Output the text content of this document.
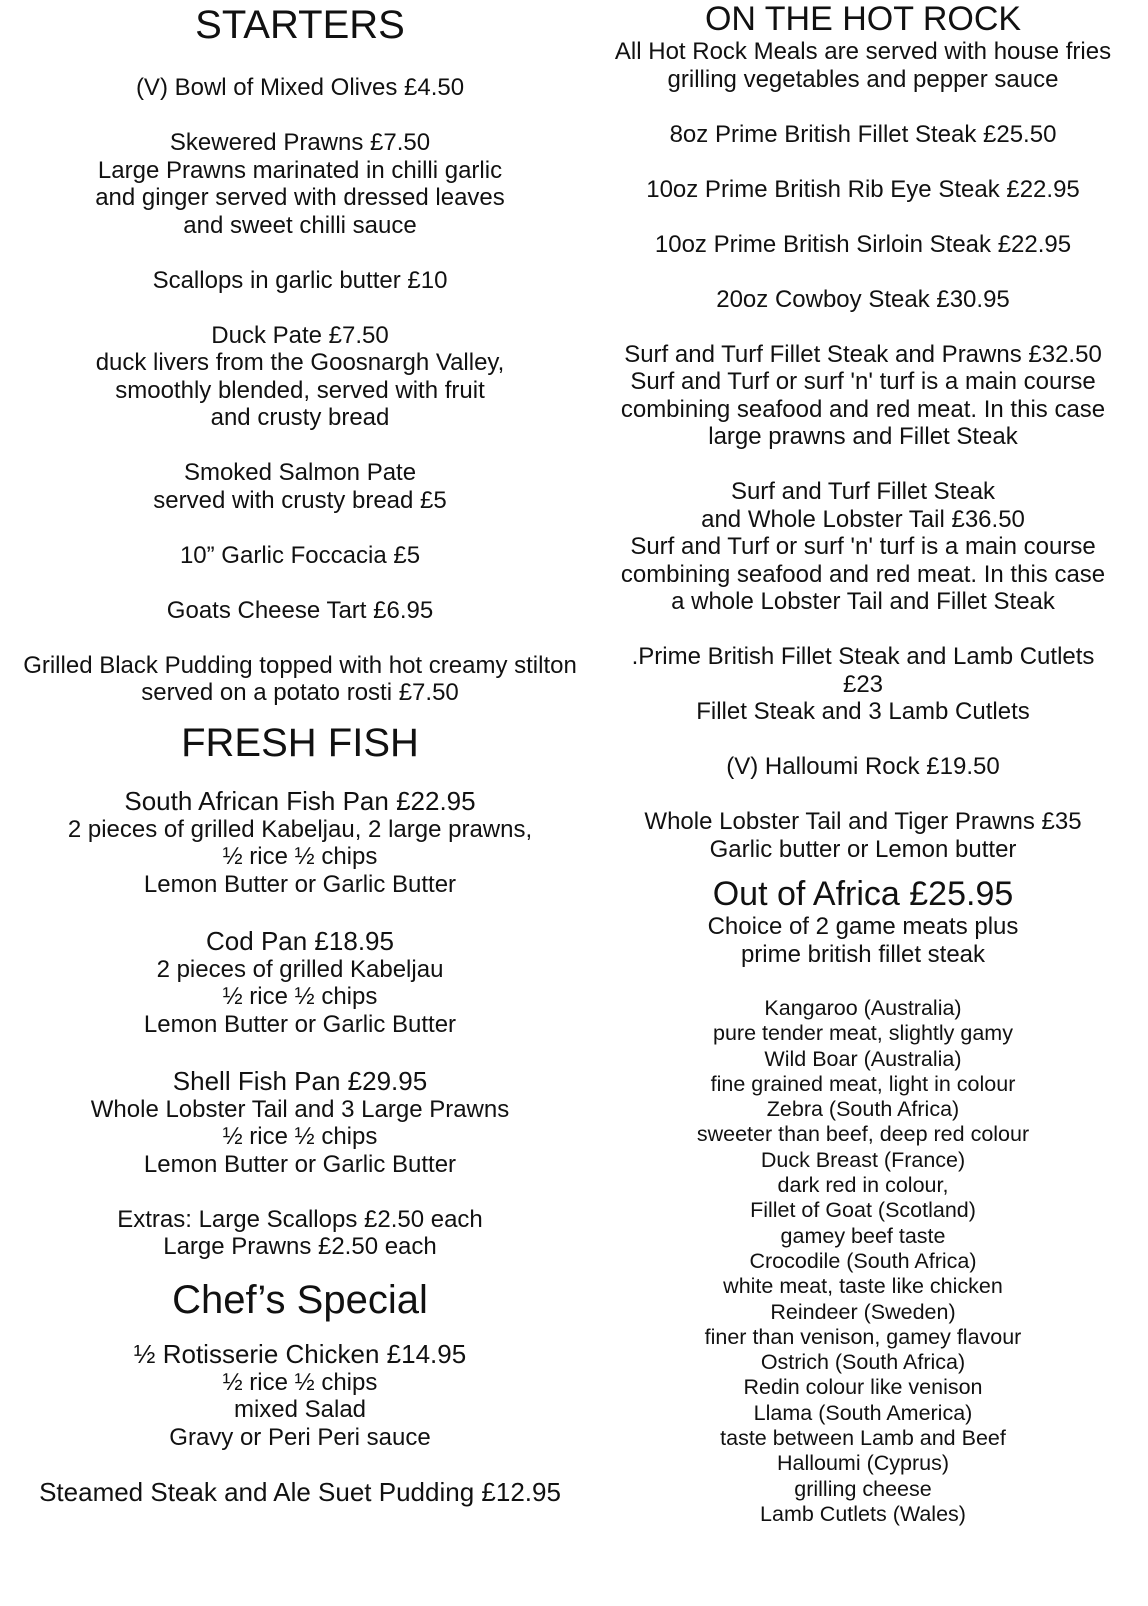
STARTERS
(V) Bowl of Mixed Olives £4.50
Skewered Prawns £7.50
Large Prawns marinated in chilli garlic
and ginger served with dressed leaves
and sweet chilli sauce
Scallops in garlic butter £10
Duck Pate £7.50
duck livers from the Goosnargh Valley,
smoothly blended, served with fruit
and crusty bread
Smoked Salmon Pate
served with crusty bread £5
10” Garlic Foccacia £5
Goats Cheese Tart £6.95
Grilled Black Pudding topped with hot creamy stilton
served on a potato rosti £7.50
FRESH FISH
South African Fish Pan £22.95
2 pieces of grilled Kabeljau, 2 large prawns,
½ rice ½ chips
Lemon Butter or Garlic Butter
Cod Pan £18.95
2 pieces of grilled Kabeljau
½ rice ½ chips
Lemon Butter or Garlic Butter
Shell Fish Pan £29.95
Whole Lobster Tail and 3 Large Prawns
½ rice ½ chips
Lemon Butter or Garlic Butter
Extras: Large Scallops £2.50 each
Large Prawns £2.50 each
Chef’s Special
½ Rotisserie Chicken £14.95
½ rice ½ chips
mixed Salad
Gravy or Peri Peri sauce
Steamed Steak and Ale Suet Pudding £12.95
ON THE HOT ROCK
All Hot Rock Meals are served with house fries
grilling vegetables and pepper sauce
8oz Prime British Fillet Steak £25.50
10oz Prime British Rib Eye Steak £22.95
10oz Prime British Sirloin Steak £22.95
20oz Cowboy Steak £30.95
Surf and Turf Fillet Steak and Prawns £32.50
Surf and Turf or surf 'n' turf is a main course
combining seafood and red meat. In this case
large prawns and Fillet Steak
Surf and Turf Fillet Steak
and Whole Lobster Tail £36.50
Surf and Turf or surf 'n' turf is a main course
combining seafood and red meat. In this case
a whole Lobster Tail and Fillet Steak
.Prime British Fillet Steak and Lamb Cutlets
£23
Fillet Steak and 3 Lamb Cutlets
(V) Halloumi Rock £19.50
Whole Lobster Tail and Tiger Prawns £35
Garlic butter or Lemon butter
Out of Africa £25.95
Choice of 2 game meats plus
prime british fillet steak
Kangaroo (Australia)
pure tender meat, slightly gamy
Wild Boar (Australia)
fine grained meat, light in colour
Zebra (South Africa)
sweeter than beef, deep red colour
Duck Breast (France)
dark red in colour,
Fillet of Goat (Scotland)
gamey beef taste
Crocodile (South Africa)
white meat, taste like chicken
Reindeer (Sweden)
finer than venison, gamey flavour
Ostrich (South Africa)
Redin colour like venison
Llama (South America)
taste between Lamb and Beef
Halloumi (Cyprus)
grilling cheese
Lamb Cutlets (Wales)
